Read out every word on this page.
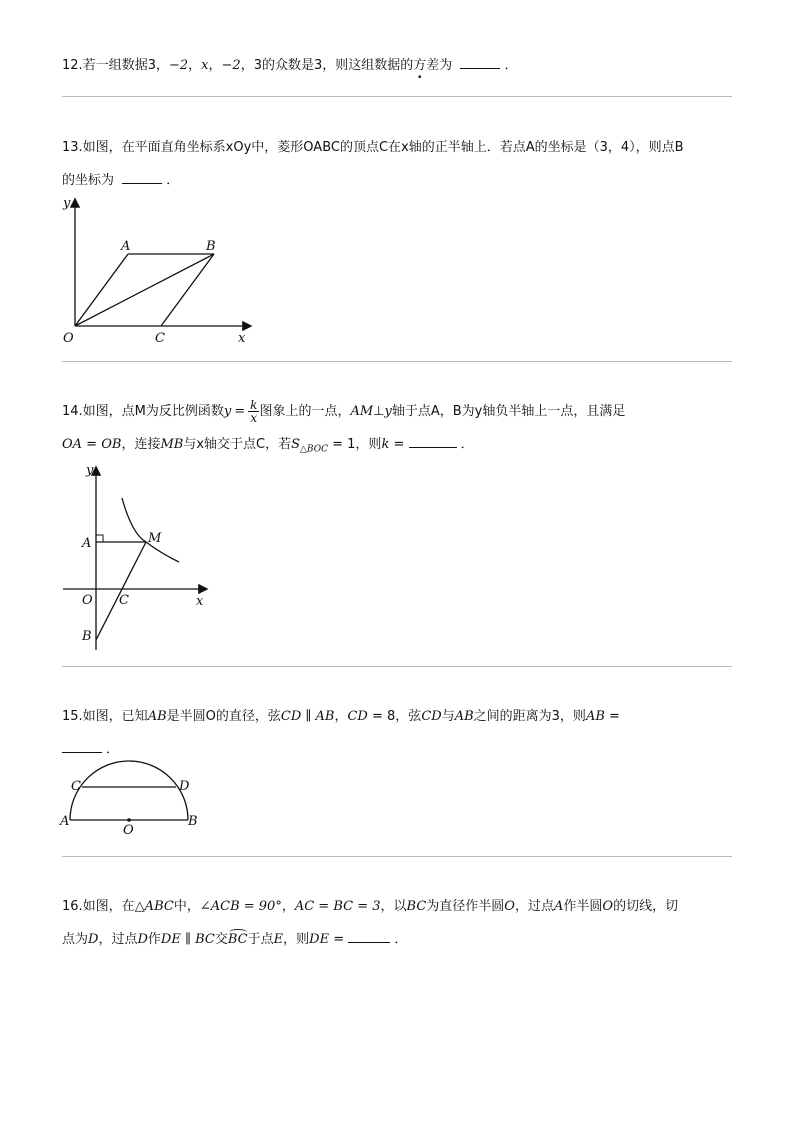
12.若一组数据3，−2，x，−2，3的众数是3，则这组数据的方差为	．
13.如图，在平面直角坐标系xOy中，菱形OABC的顶点C在x轴的正半轴上．若点A的坐标是（3，4），则点B
的坐标为	．
y
x
O
A	B
C
14.如图，点M为反比例函数$y = \frac{k}{x}$ 图象上的一点，AM⊥y轴于点A，B为y轴负半轴上一点，且满足
OA = OB，连接MB与x轴交于点C，若$S_{\triangle BOC} = 1$，则k =	．
y
x
O
A	M
B
C
15.如图，已知AB是半圆O的直径，弦CD ∥ AB，CD = 8，弦CD与AB之间的距离为3，则AB =
．
C	D
A	B
O
16.如图，在△ABC中，∠ACB = 90°，AC = BC = 3，以BC为直径作半圆O，过点A作半圆O的切线，切
点为D，过点D作DE ∥ BC交BC于点E，则DE =	．
